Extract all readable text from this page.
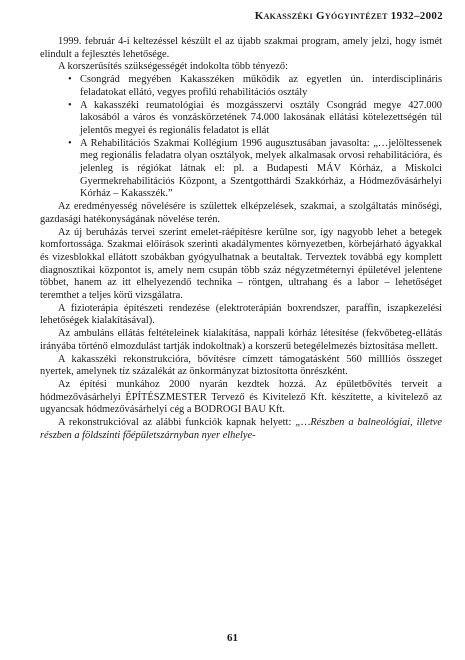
Kakasszéki Gyógyintézet 1932–2002

1999. február 4-i keltezéssel készült el az újabb szakmai program, amely jelzi, hogy ismét elindult a fejlesztés lehetősége.

A korszerűsítés szükségességét indokolta több tényező:

• Csongrád megyében Kakasszéken működik az egyetlen ún. interdisciplináris feladatokat ellátó, vegyes profilú rehabilitációs osztály
• A kakasszéki reumatológiai és mozgásszervi osztály Csongrád megye 427.000 lakosából a város és vonzáskörzetének 74.000 lakosának ellátási kötelezettségén túl jelentős megyei és regionális feladatot is ellát
• A Rehabilitációs Szakmai Kollégium 1996 augusztusában javasolta: „…jelöltessenek meg regionális feladatra olyan osztályok, melyek alkalmasak orvosi rehabilitációra, és jelenleg is régiókat látnak el: pl. a Budapesti MÁV Kórház, a Miskolci Gyermekrehabilitációs Központ, a Szentgotthárdi Szakkórház, a Hódmezővásárhelyi Kórház – Kakasszék.”

Az eredményesség növelésére is születtek elképzelések, szakmai, a szolgáltatás minőségi, gazdasági hatékonyságának növelése terén.

Az új beruházás tervei szerint emelet-ráépítésre kerülne sor, így nagyobb lehet a betegek komfortossága. Szakmai előírások szerinti akadálymentes környezetben, körbejárható ágyakkal és vizesblokkal ellátott szobákban gyógyulhatnak a beutaltak. Terveztek továbbá egy komplett diagnosztikai központot is, amely nem csupán több száz négyzetméternyi épületével jelentene többet, hanem az itt elhelyezendő technika – röntgen, ultrahang és a labor – lehetőséget teremthet a teljes körű vizsgálatra.

A fizioterápia építészeti rendezése (elektroterápián boxrendszer, paraffin, iszapkezelési lehetőségek kialakításával).

Az ambuláns ellátás feltételeinek kialakítása, nappali kórház létesítése (fekvőbeteg-ellátás irányába történő elmozdulást tartják indokoltnak) a korszerű betegélelmezés biztosítása mellett.

A kakasszéki rekonstrukcióra, bővítésre címzett támogatásként 560 millliós összeget nyertek, amelynek tíz százalékát az önkormányzat biztosította önrészként.

Az építési munkához 2000 nyarán kezdtek hozzá. Az épületbővítés terveit a hódmezővásárhelyi ÉPÍTÉSZMESTER Tervező és Kivitelező Kft. készítette, a kivitelező az ugyancsak hódmezővásárhelyi cég a BODROGI BAU Kft.

A rekonstrukcióval az alábbi funkciók kapnak helyett: „…Részben a balneológiai, illetve részben a földszinti főépületszárnyban nyer elhelye-

61
